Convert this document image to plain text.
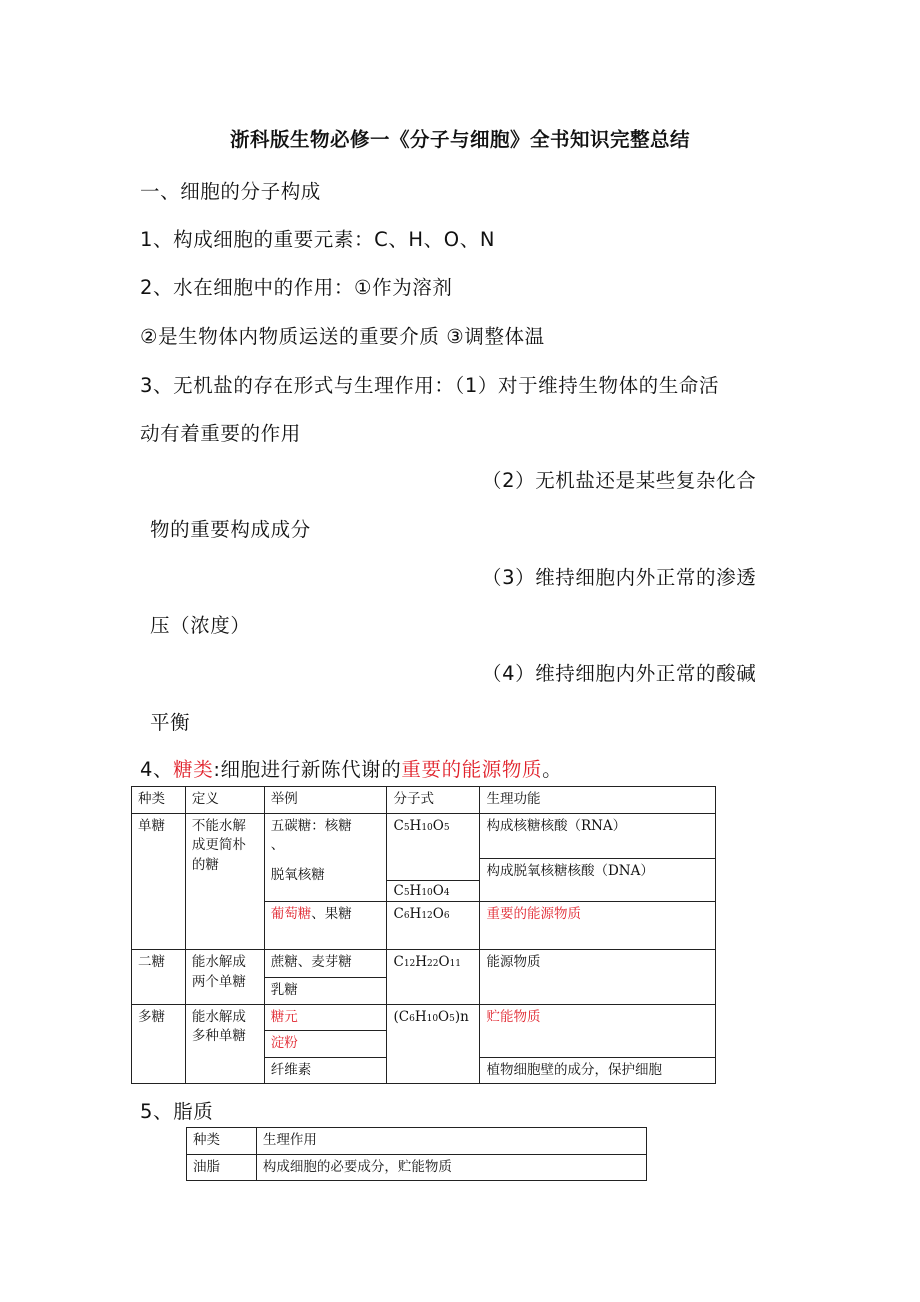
浙科版生物必修一《分子与细胞》全书知识完整总结
一、细胞的分子构成
1、构成细胞的重要元素：C、H、O、N
2、水在细胞中的作用：①作为溶剂
②是生物体内物质运送的重要介质 ③调整体温
3、无机盐的存在形式与生理作用：（1）对于维持生物体的生命活
动有着重要的作用
（2）无机盐还是某些复杂化合
物的重要构成成分
（3）维持细胞内外正常的渗透
压（浓度）
（4）维持细胞内外正常的酸碱
平衡
4、糖类:细胞进行新陈代谢的重要的能源物质。
种类	定义	举例	分子式	生理功能
单糖	不能水解成更简朴的糖	五碳糖：核糖
、
脱氧核糖	C5H10O5	构成核糖核酸（RNA）
				构成脱氧核糖核酸（DNA）
			C5H10O4	
		葡萄糖、果糖	C6H12O6	重要的能源物质
二糖	能水解成两个单糖	蔗糖、麦芽糖	C12H22O11	能源物质
		乳糖		
多糖	能水解成多种单糖	糖元	(C6H10O5)n	贮能物质
		淀粉		
		纤维素		植物细胞壁的成分，保护细胞
5、脂质
种类	生理作用
油脂	构成细胞的必要成分，贮能物质
